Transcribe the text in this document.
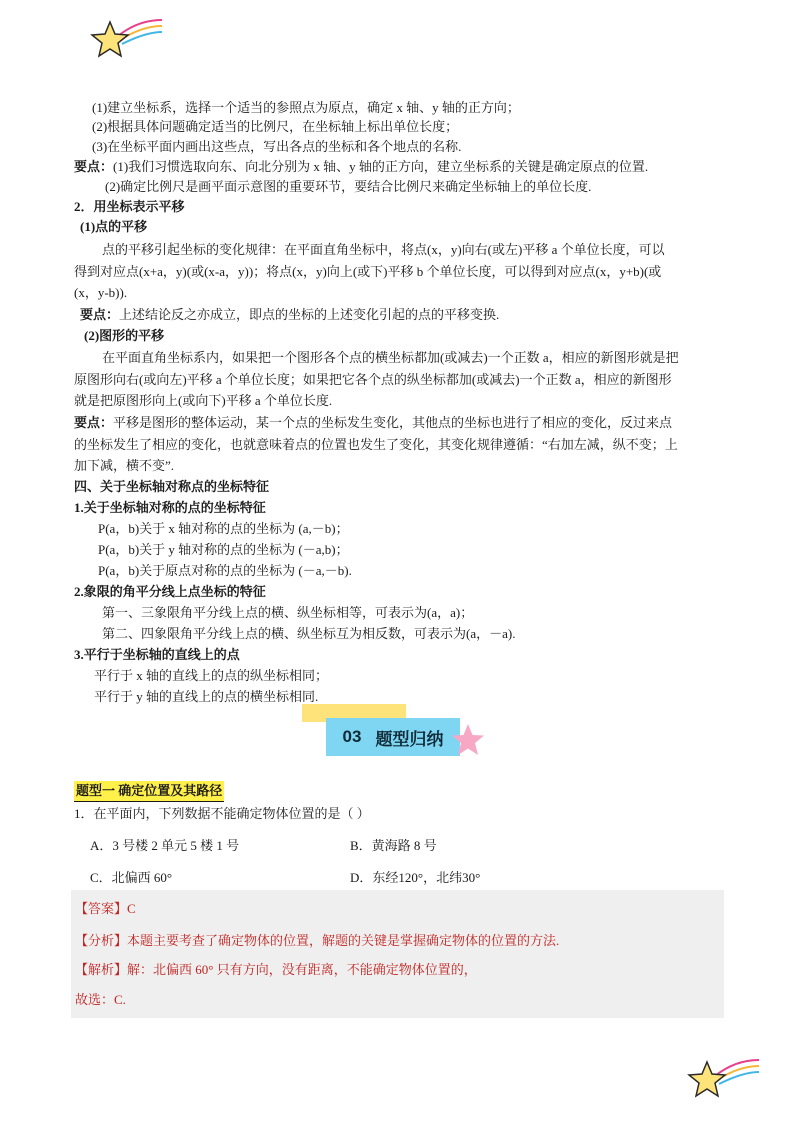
(1)建立坐标系，选择一个适当的参照点为原点，确定 x 轴、y 轴的正方向；
(2)根据具体问题确定适当的比例尺，在坐标轴上标出单位长度；
(3)在坐标平面内画出这些点，写出各点的坐标和各个地点的名称.
要点：(1)我们习惯选取向东、向北分别为 x 轴、y 轴的正方向，建立坐标系的关键是确定原点的位置.
(2)确定比例尺是画平面示意图的重要环节，要结合比例尺来确定坐标轴上的单位长度.
2．用坐标表示平移
(1)点的平移
点的平移引起坐标的变化规律：在平面直角坐标中，将点(x，y)向右(或左)平移 a 个单位长度，可以
得到对应点(x+a，y)(或(x-a，y))；将点(x，y)向上(或下)平移 b 个单位长度，可以得到对应点(x，y+b)(或
(x，y-b)).
要点：上述结论反之亦成立，即点的坐标的上述变化引起的点的平移变换.
(2)图形的平移
在平面直角坐标系内，如果把一个图形各个点的横坐标都加(或减去)一个正数 a，相应的新图形就是把
原图形向右(或向左)平移 a 个单位长度；如果把它各个点的纵坐标都加(或减去)一个正数 a，相应的新图形
就是把原图形向上(或向下)平移 a 个单位长度.
要点：平移是图形的整体运动，某一个点的坐标发生变化，其他点的坐标也进行了相应的变化，反过来点
的坐标发生了相应的变化，也就意味着点的位置也发生了变化，其变化规律遵循：“右加左减，纵不变；上
加下减，横不变”.
四、关于坐标轴对称点的坐标特征
1.关于坐标轴对称的点的坐标特征
P(a，b)关于 x 轴对称的点的坐标为 (a,－b)；
P(a，b)关于 y 轴对称的点的坐标为 (－a,b)；
P(a，b)关于原点对称的点的坐标为 (－a,－b).
2.象限的角平分线上点坐标的特征
第一、三象限角平分线上点的横、纵坐标相等，可表示为(a，a)；
第二、四象限角平分线上点的横、纵坐标互为相反数，可表示为(a，－a).
3.平行于坐标轴的直线上的点
平行于 x 轴的直线上的点的纵坐标相同；
平行于 y 轴的直线上的点的横坐标相同.
03 题型归纳
题型一 确定位置及其路径
1．在平面内，下列数据不能确定物体位置的是（ ）
A．3 号楼 2 单元 5 楼 1 号	B．黄海路 8 号
C．北偏西 60°	D．东经120°，北纬30°
【答案】C
【分析】本题主要考查了确定物体的位置，解题的关键是掌握确定物体的位置的方法.
【解析】解：北偏西 60° 只有方向，没有距离，不能确定物体位置的，
故选：C.
